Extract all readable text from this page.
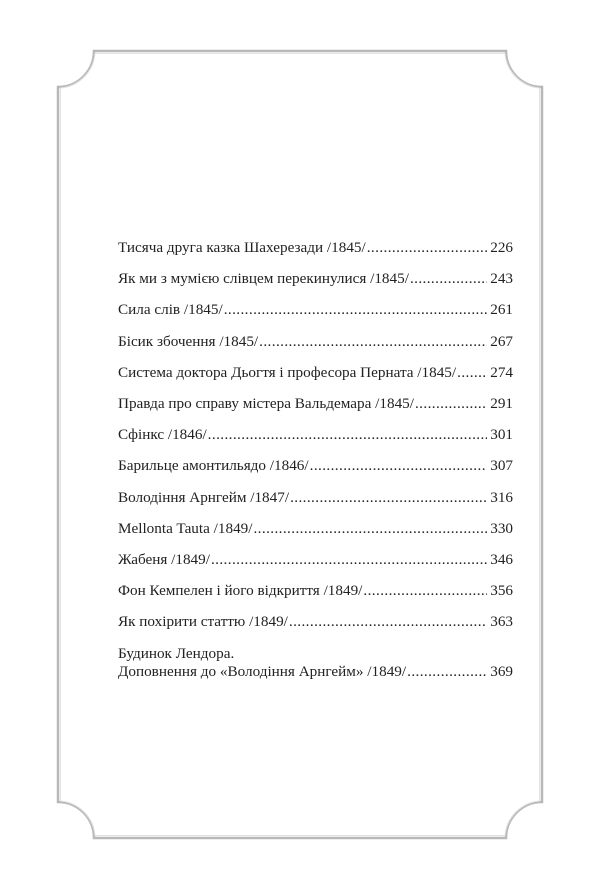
Тисяча друга казка Шахерезади /1845/ .....	226
Як ми з мумією слівцем перекинулися /1845/ .....	243
Сила слів /1845/ .....	261
Бісик збочення /1845/ .....	267
Система доктора Дьогтя і професора Перната /1845/ ..... 274
Правда про справу містера Вальдемара /1845/ .....	291
Сфінкс /1846/ .....	301
Барильце амонтильядо /1846/ .....	307
Володіння Арнгейм /1847/ .....	316
Mellonta Tauta /1849/ .....	330
Жабеня /1849/ .....	346
Фон Кемпелен і його відкриття /1849/ .....	356
Як похірити статтю /1849/ .....	363
Будинок Лендора.
Доповнення до «Володіння Арнгейм» /1849/ .....	369
